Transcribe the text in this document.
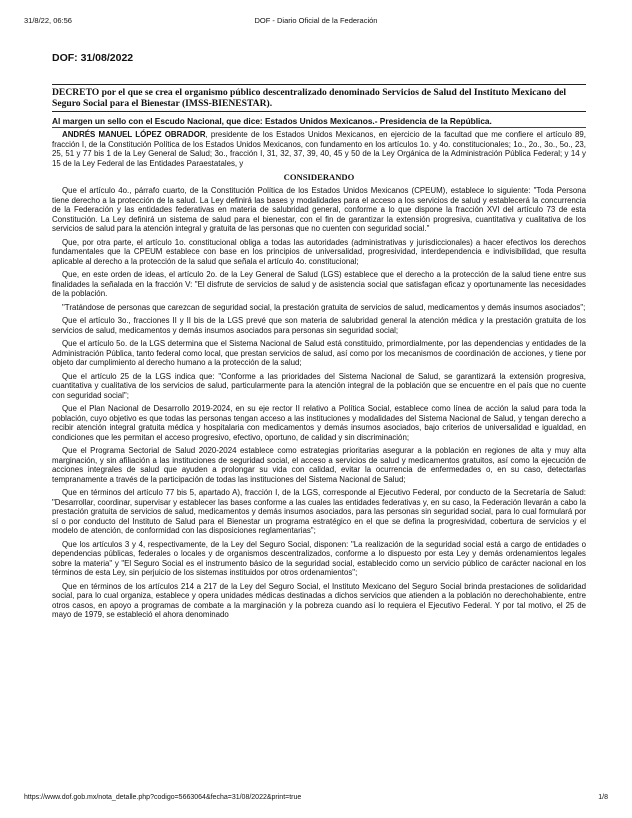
31/8/22, 06:56	DOF - Diario Oficial de la Federación
DOF: 31/08/2022
DECRETO por el que se crea el organismo público descentralizado denominado Servicios de Salud del Instituto Mexicano del Seguro Social para el Bienestar (IMSS-BIENESTAR).
Al margen un sello con el Escudo Nacional, que dice: Estados Unidos Mexicanos.- Presidencia de la República.

ANDRÉS MANUEL LÓPEZ OBRADOR, presidente de los Estados Unidos Mexicanos, en ejercicio de la facultad que me confiere el artículo 89, fracción I, de la Constitución Política de los Estados Unidos Mexicanos, con fundamento en los artículos 1o. y 4o. constitucionales; 1o., 2o., 3o., 5o., 23, 25, 51 y 77 bis 1 de la Ley General de Salud; 3o., fracción I, 31, 32, 37, 39, 40, 45 y 50 de la Ley Orgánica de la Administración Pública Federal; y 14 y 15 de la Ley Federal de las Entidades Paraestatales, y

CONSIDERANDO

Que el artículo 4o., párrafo cuarto, de la Constitución Política de los Estados Unidos Mexicanos (CPEUM), establece lo siguiente: "Toda Persona tiene derecho a la protección de la salud. La Ley definirá las bases y modalidades para el acceso a los servicios de salud y establecerá la concurrencia de la Federación y las entidades federativas en materia de salubridad general, conforme a lo que dispone la fracción XVI del artículo 73 de esta Constitución. La Ley definirá un sistema de salud para el bienestar, con el fin de garantizar la extensión progresiva, cuantitativa y cualitativa de los servicios de salud para la atención integral y gratuita de las personas que no cuenten con seguridad social."

Que, por otra parte, el artículo 1o. constitucional obliga a todas las autoridades (administrativas y jurisdiccionales) a hacer efectivos los derechos fundamentales que la CPEUM establece con base en los principios de universalidad, progresividad, interdependencia e indivisibilidad, que resulta aplicable al derecho a la protección de la salud que señala el artículo 4o. constitucional;

Que, en este orden de ideas, el artículo 2o. de la Ley General de Salud (LGS) establece que el derecho a la protección de la salud tiene entre sus finalidades la señalada en la fracción V: "El disfrute de servicios de salud y de asistencia social que satisfagan eficaz y oportunamente las necesidades de la población.

"Tratándose de personas que carezcan de seguridad social, la prestación gratuita de servicios de salud, medicamentos y demás insumos asociados";

Que el artículo 3o., fracciones II y II bis de la LGS prevé que son materia de salubridad general la atención médica y la prestación gratuita de los servicios de salud, medicamentos y demás insumos asociados para personas sin seguridad social;

Que el artículo 5o. de la LGS determina que el Sistema Nacional de Salud está constituido, primordialmente, por las dependencias y entidades de la Administración Pública, tanto federal como local, que prestan servicios de salud, así como por los mecanismos de coordinación de acciones, y tiene por objeto dar cumplimiento al derecho humano a la protección de la salud;

Que el artículo 25 de la LGS indica que: "Conforme a las prioridades del Sistema Nacional de Salud, se garantizará la extensión progresiva, cuantitativa y cualitativa de los servicios de salud, particularmente para la atención integral de la población que se encuentre en el país que no cuente con seguridad social";

Que el Plan Nacional de Desarrollo 2019-2024, en su eje rector II relativo a Política Social, establece como línea de acción la salud para toda la población, cuyo objetivo es que todas las personas tengan acceso a las instituciones y modalidades del Sistema Nacional de Salud, y tengan derecho a recibir atención integral gratuita médica y hospitalaria con medicamentos y demás insumos asociados, bajo criterios de universalidad e igualdad, en condiciones que les permitan el acceso progresivo, efectivo, oportuno, de calidad y sin discriminación;

Que el Programa Sectorial de Salud 2020-2024 establece como estrategias prioritarias asegurar a la población en regiones de alta y muy alta marginación, y sin afiliación a las instituciones de seguridad social, el acceso a servicios de salud y medicamentos gratuitos, así como la ejecución de acciones integrales de salud que ayuden a prolongar su vida con calidad, evitar la ocurrencia de enfermedades o, en su caso, detectarlas tempranamente a través de la participación de todas las instituciones del Sistema Nacional de Salud;

Que en términos del artículo 77 bis 5, apartado A), fracción I, de la LGS, corresponde al Ejecutivo Federal, por conducto de la Secretaría de Salud: "Desarrollar, coordinar, supervisar y establecer las bases conforme a las cuales las entidades federativas y, en su caso, la Federación llevarán a cabo la prestación gratuita de servicios de salud, medicamentos y demás insumos asociados, para las personas sin seguridad social, para lo cual formulará por sí o por conducto del Instituto de Salud para el Bienestar un programa estratégico en el que se defina la progresividad, cobertura de servicios y el modelo de atención, de conformidad con las disposiciones reglamentarias";

Que los artículos 3 y 4, respectivamente, de la Ley del Seguro Social, disponen: "La realización de la seguridad social está a cargo de entidades o dependencias públicas, federales o locales y de organismos descentralizados, conforme a lo dispuesto por esta Ley y demás ordenamientos legales sobre la materia" y "El Seguro Social es el instrumento básico de la seguridad social, establecido como un servicio público de carácter nacional en los términos de esta Ley, sin perjuicio de los sistemas instituidos por otros ordenamientos";

Que en términos de los artículos 214 a 217 de la Ley del Seguro Social, el Instituto Mexicano del Seguro Social brinda prestaciones de solidaridad social, para lo cual organiza, establece y opera unidades médicas destinadas a dichos servicios que atienden a la población no derechohabiente, entre otros casos, en apoyo a programas de combate a la marginación y la pobreza cuando así lo requiera el Ejecutivo Federal. Y por tal motivo, el 25 de mayo de 1979, se estableció el ahora denominado

https://www.dof.gob.mx/nota_detalle.php?codigo=5663064&fecha=31/08/2022&print=true	1/8
